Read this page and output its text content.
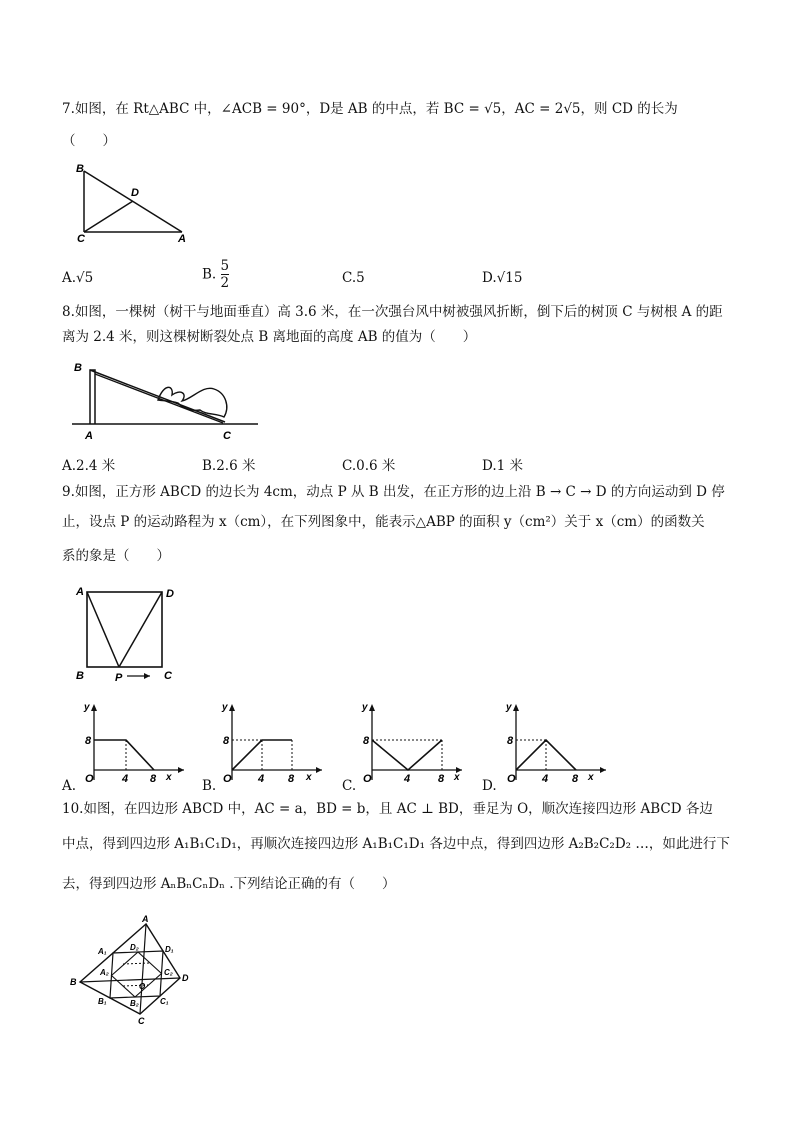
7.如图，在 Rt△ABC 中，∠ACB = 90°，D是 AB 的中点，若 BC = √5，AC = 2√5，则 CD 的长为
（　　）
B
D
C	A
A.√5	B. $\frac{5}{2}$	C.5	D.√15
8.如图，一棵树（树干与地面垂直）高 3.6 米，在一次强台风中树被强风折断，倒下后的树顶 C 与树根 A 的距
离为 2.4 米，则这棵树断裂处点 B 离地面的高度 AB 的值为（　　）
B
A	C
A.2.4 米	B.2.6 米	C.0.6 米	D.1 米
9.如图，正方形 ABCD 的边长为 4cm，动点 P 从 B 出发，在正方形的边上沿 B → C → D 的方向运动到 D 停
止，设点 P 的运动路程为 x（cm），在下列图象中，能表示△ABP 的面积 y（cm²）关于 x（cm）的函数关
系的象是（　　）
A	D
B	P	C
y
8
O	4 8 x
A.
y
8
O 4 8 x
B.
y
8
O	4	8 x
C.
y
8
O 4 8 x
D.
10.如图，在四边形 ABCD 中，AC = a，BD = b，且 AC ⊥ BD，垂足为 O，顺次连接四边形 ABCD 各边
中点，得到四边形 A₁B₁C₁D₁，再顺次连接四边形 A₁B₁C₁D₁ 各边中点，得到四边形 A₂B₂C₂D₂ …，如此进行下
去，得到四边形 AₙBₙCₙDₙ .下列结论正确的有（　　）
A
B
C
D
O
A₁
B₁	C₁
D₁
A₂
B₂
C₂
D₂
